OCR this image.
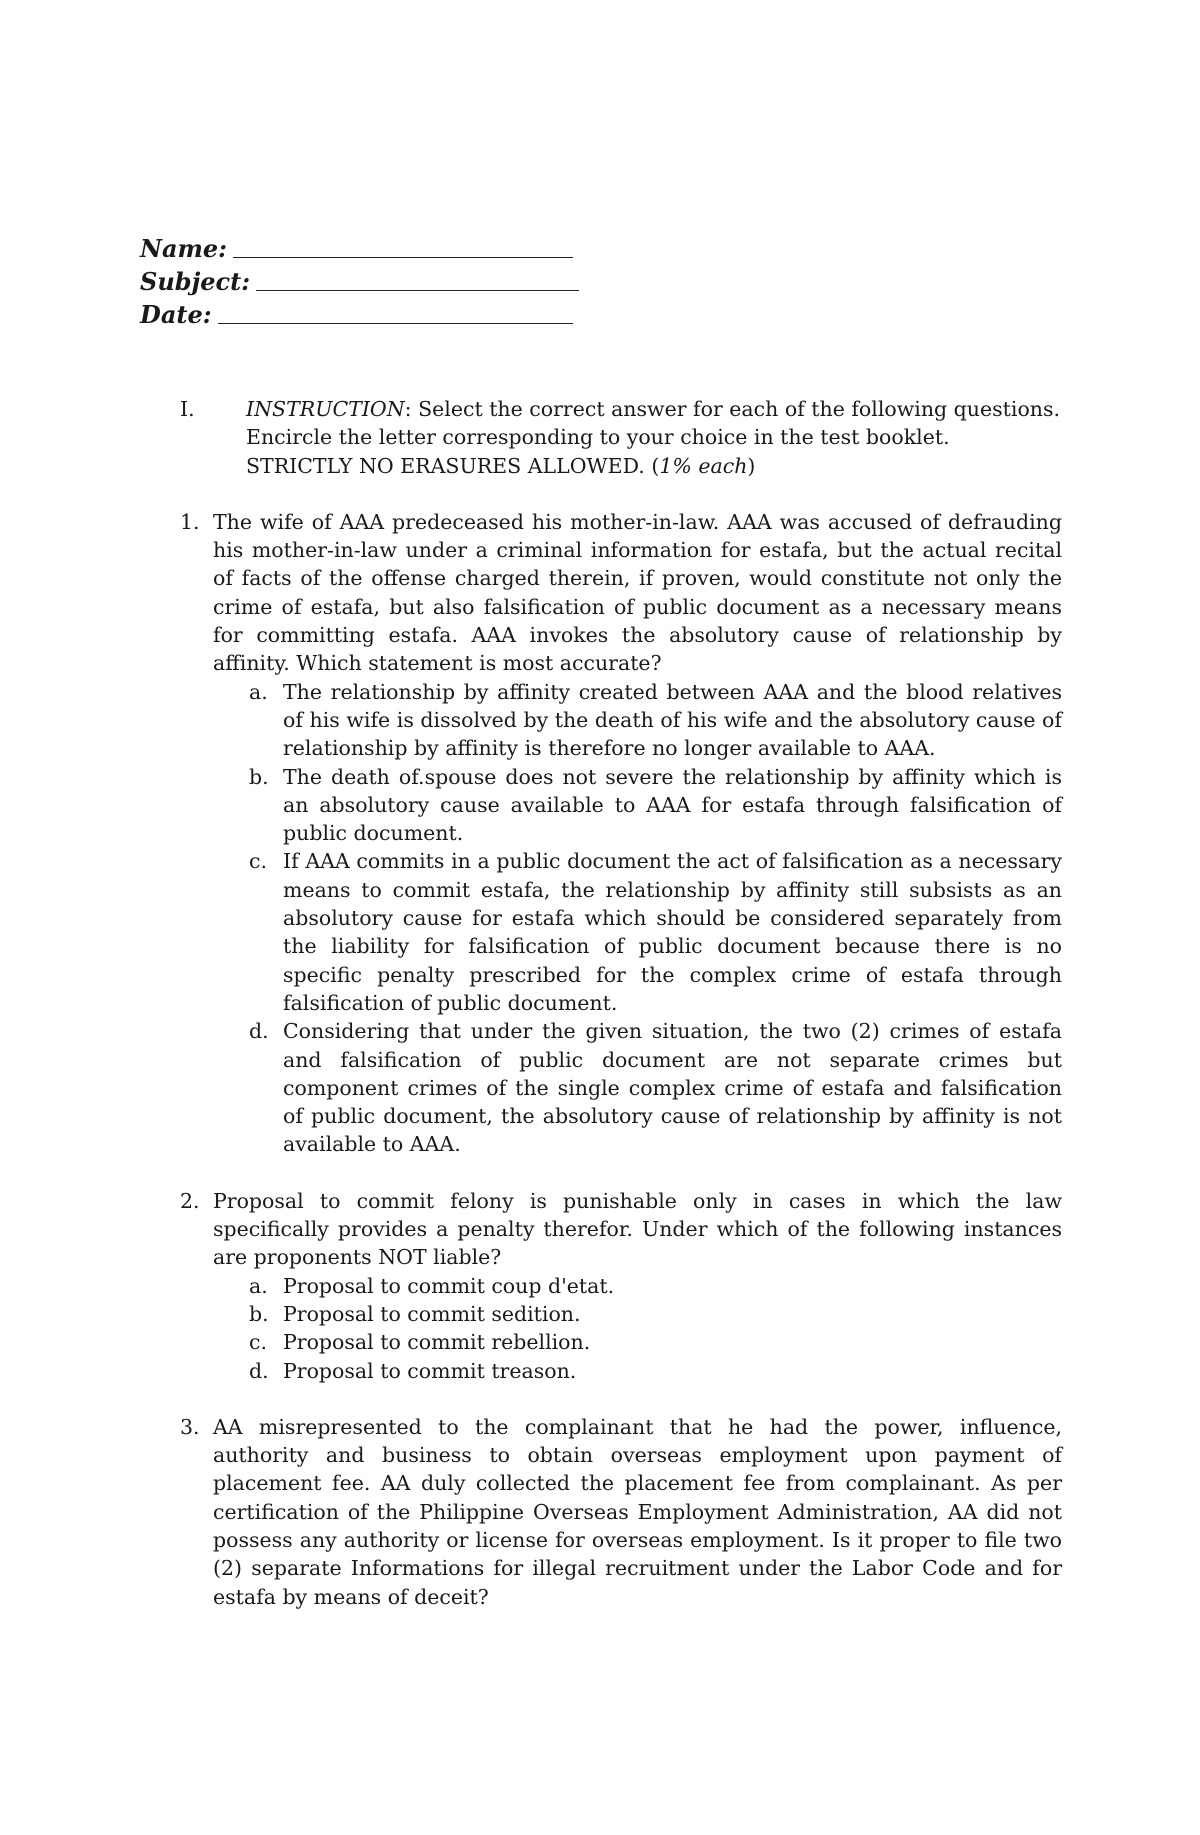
Name:
Subject:
Date:
I.	INSTRUCTION: Select the correct answer for each of the following questions. Encircle the letter corresponding to your choice in the test booklet. STRICTLY NO ERASURES ALLOWED. (1% each)
1. The wife of AAA predeceased his mother-in-law. AAA was accused of defrauding his mother-in-law under a criminal information for estafa, but the actual recital of facts of the offense charged therein, if proven, would constitute not only the crime of estafa, but also falsification of public document as a necessary means for committing estafa. AAA invokes the absolutory cause of relationship by affinity. Which statement is most accurate?
a. The relationship by affinity created between AAA and the blood relatives of his wife is dissolved by the death of his wife and the absolutory cause of relationship by affinity is therefore no longer available to AAA.
b. The death of.spouse does not severe the relationship by affinity which is an absolutory cause available to AAA for estafa through falsification of public document.
c. If AAA commits in a public document the act of falsification as a necessary means to commit estafa, the relationship by affinity still subsists as an absolutory cause for estafa which should be considered separately from the liability for falsification of public document because there is no specific penalty prescribed for the complex crime of estafa through falsification of public document.
d. Considering that under the given situation, the two (2) crimes of estafa and falsification of public document are not separate crimes but component crimes of the single complex crime of estafa and falsification of public document, the absolutory cause of relationship by affinity is not available to AAA.
2. Proposal to commit felony is punishable only in cases in which the law specifically provides a penalty therefor. Under which of the following instances are proponents NOT liable?
a. Proposal to commit coup d'etat.
b. Proposal to commit sedition.
c. Proposal to commit rebellion.
d. Proposal to commit treason.
3. AA misrepresented to the complainant that he had the power, influence, authority and business to obtain overseas employment upon payment of placement fee. AA duly collected the placement fee from complainant. As per certification of the Philippine Overseas Employment Administration, AA did not possess any authority or license for overseas employment. Is it proper to file two (2) separate Informations for illegal recruitment under the Labor Code and for estafa by means of deceit?
